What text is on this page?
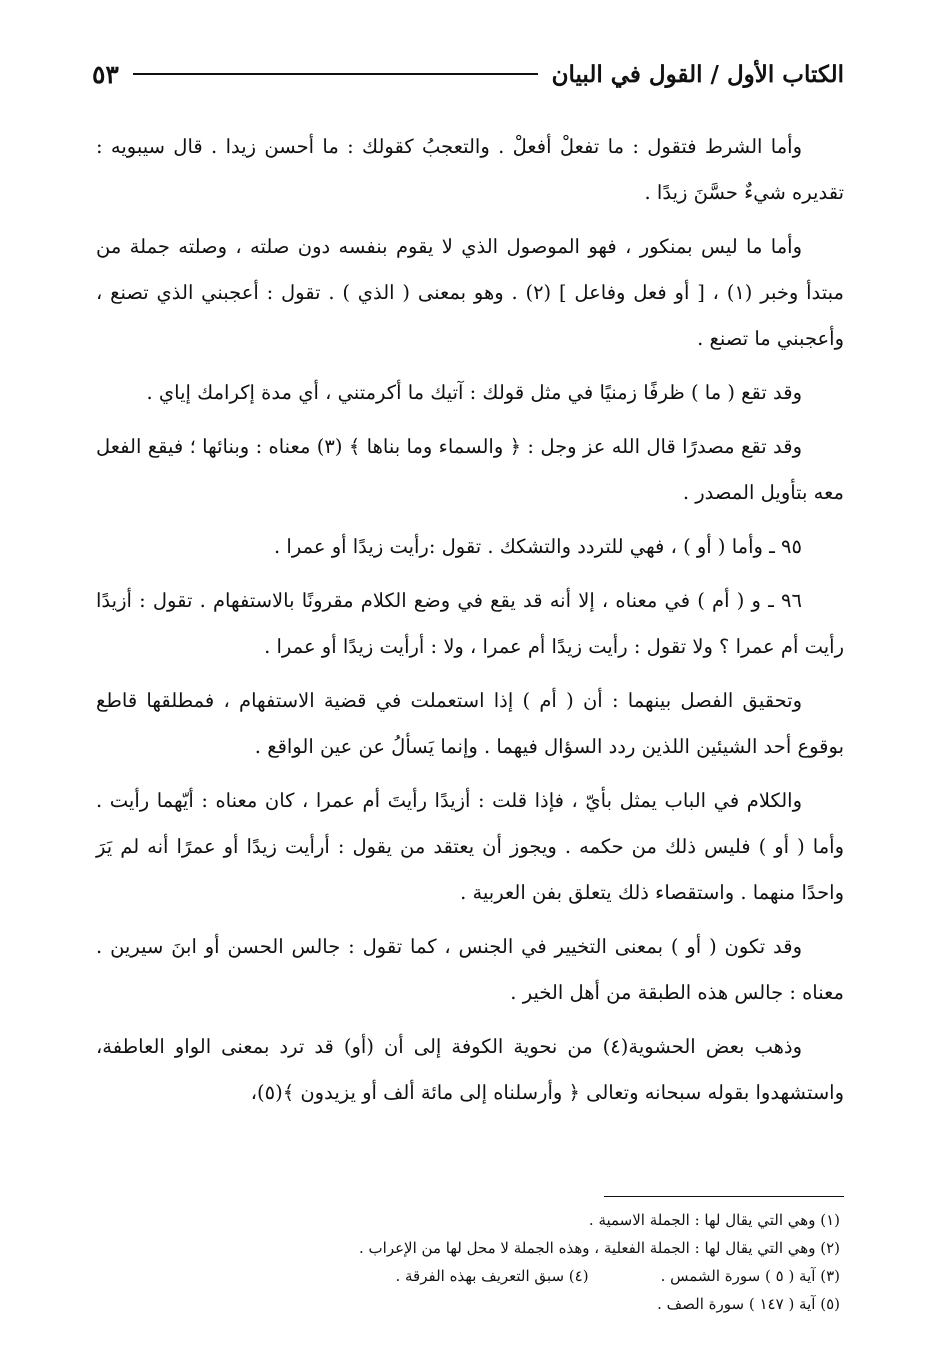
الكتاب الأول / القول في البيان
٥٣

وأما الشرط فتقول : ما تفعلْ أفعلْ . والتعجبُ كقولك : ما أحسن زيدا . قال سيبويه : تقديره شيءٌ حسَّنَ زيدًا .

وأما ما ليس بمنكور ، فهو الموصول الذي لا يقوم بنفسه دون صلته ، وصلته جملة من مبتدأ وخبر (١) ، [ أو فعل وفاعل ] (٢) . وهو بمعنى ( الذي ) . تقول : أعجبني الذي تصنع ، وأعجبني ما تصنع .

وقد تقع ( ما ) ظرفًا زمنيًا في مثل قولك : آتيك ما أكرمتني ، أي مدة إكرامك إياي .

وقد تقع مصدرًا قال الله عز وجل : ﴿ والسماء وما بناها ﴾ (٣) معناه : وبنائها ؛ فيقع الفعل معه بتأويل المصدر .

٩٥ ـ وأما ( أو ) ، فهي للتردد والتشكك . تقول :رأيت زيدًا أو عمرا .

٩٦ ـ و ( أم ) في معناه ، إلا أنه قد يقع في وضع الكلام مقرونًا بالاستفهام . تقول : أزيدًا رأيت أم عمرا ؟ ولا تقول : رأيت زيدًا أم عمرا ، ولا : أرأيت زيدًا أو عمرا .

وتحقيق الفصل بينهما : أن ( أم ) إذا استعملت في قضية الاستفهام ، فمطلقها قاطع بوقوع أحد الشيئين اللذين ردد السؤال فيهما . وإنما يَسألُ عن عين الواقع .

والكلام في الباب يمثل بأيّ ، فإذا قلت : أزيدًا رأيتَ أم عمرا ، كان معناه : أيّهما رأيت . وأما ( أو ) فليس ذلك من حكمه . ويجوز أن يعتقد من يقول : أرأيت زيدًا أو عمرًا أنه لم يَرَ واحدًا منهما . واستقصاء ذلك يتعلق بفن العربية .

وقد تكون ( أو ) بمعنى التخيير في الجنس ، كما تقول : جالس الحسن أو ابنَ سيرين . معناه : جالس هذه الطبقة من أهل الخير .

وذهب بعض الحشوية(٤) من نحوية الكوفة إلى أن (أو) قد ترد بمعنى الواو العاطفة، واستشهدوا بقوله سبحانه وتعالى ﴿ وأرسلناه إلى مائة ألف أو يزيدون ﴾(٥)،

(١) وهي التي يقال لها : الجملة الاسمية .
(٢) وهي التي يقال لها : الجملة الفعلية ، وهذه الجملة لا محل لها من الإعراب .
(٣) آية ( ٥ ) سورة الشمس .
(٤) سبق التعريف بهذه الفرقة .
(٥) آية ( ١٤٧ ) سورة الصف .
